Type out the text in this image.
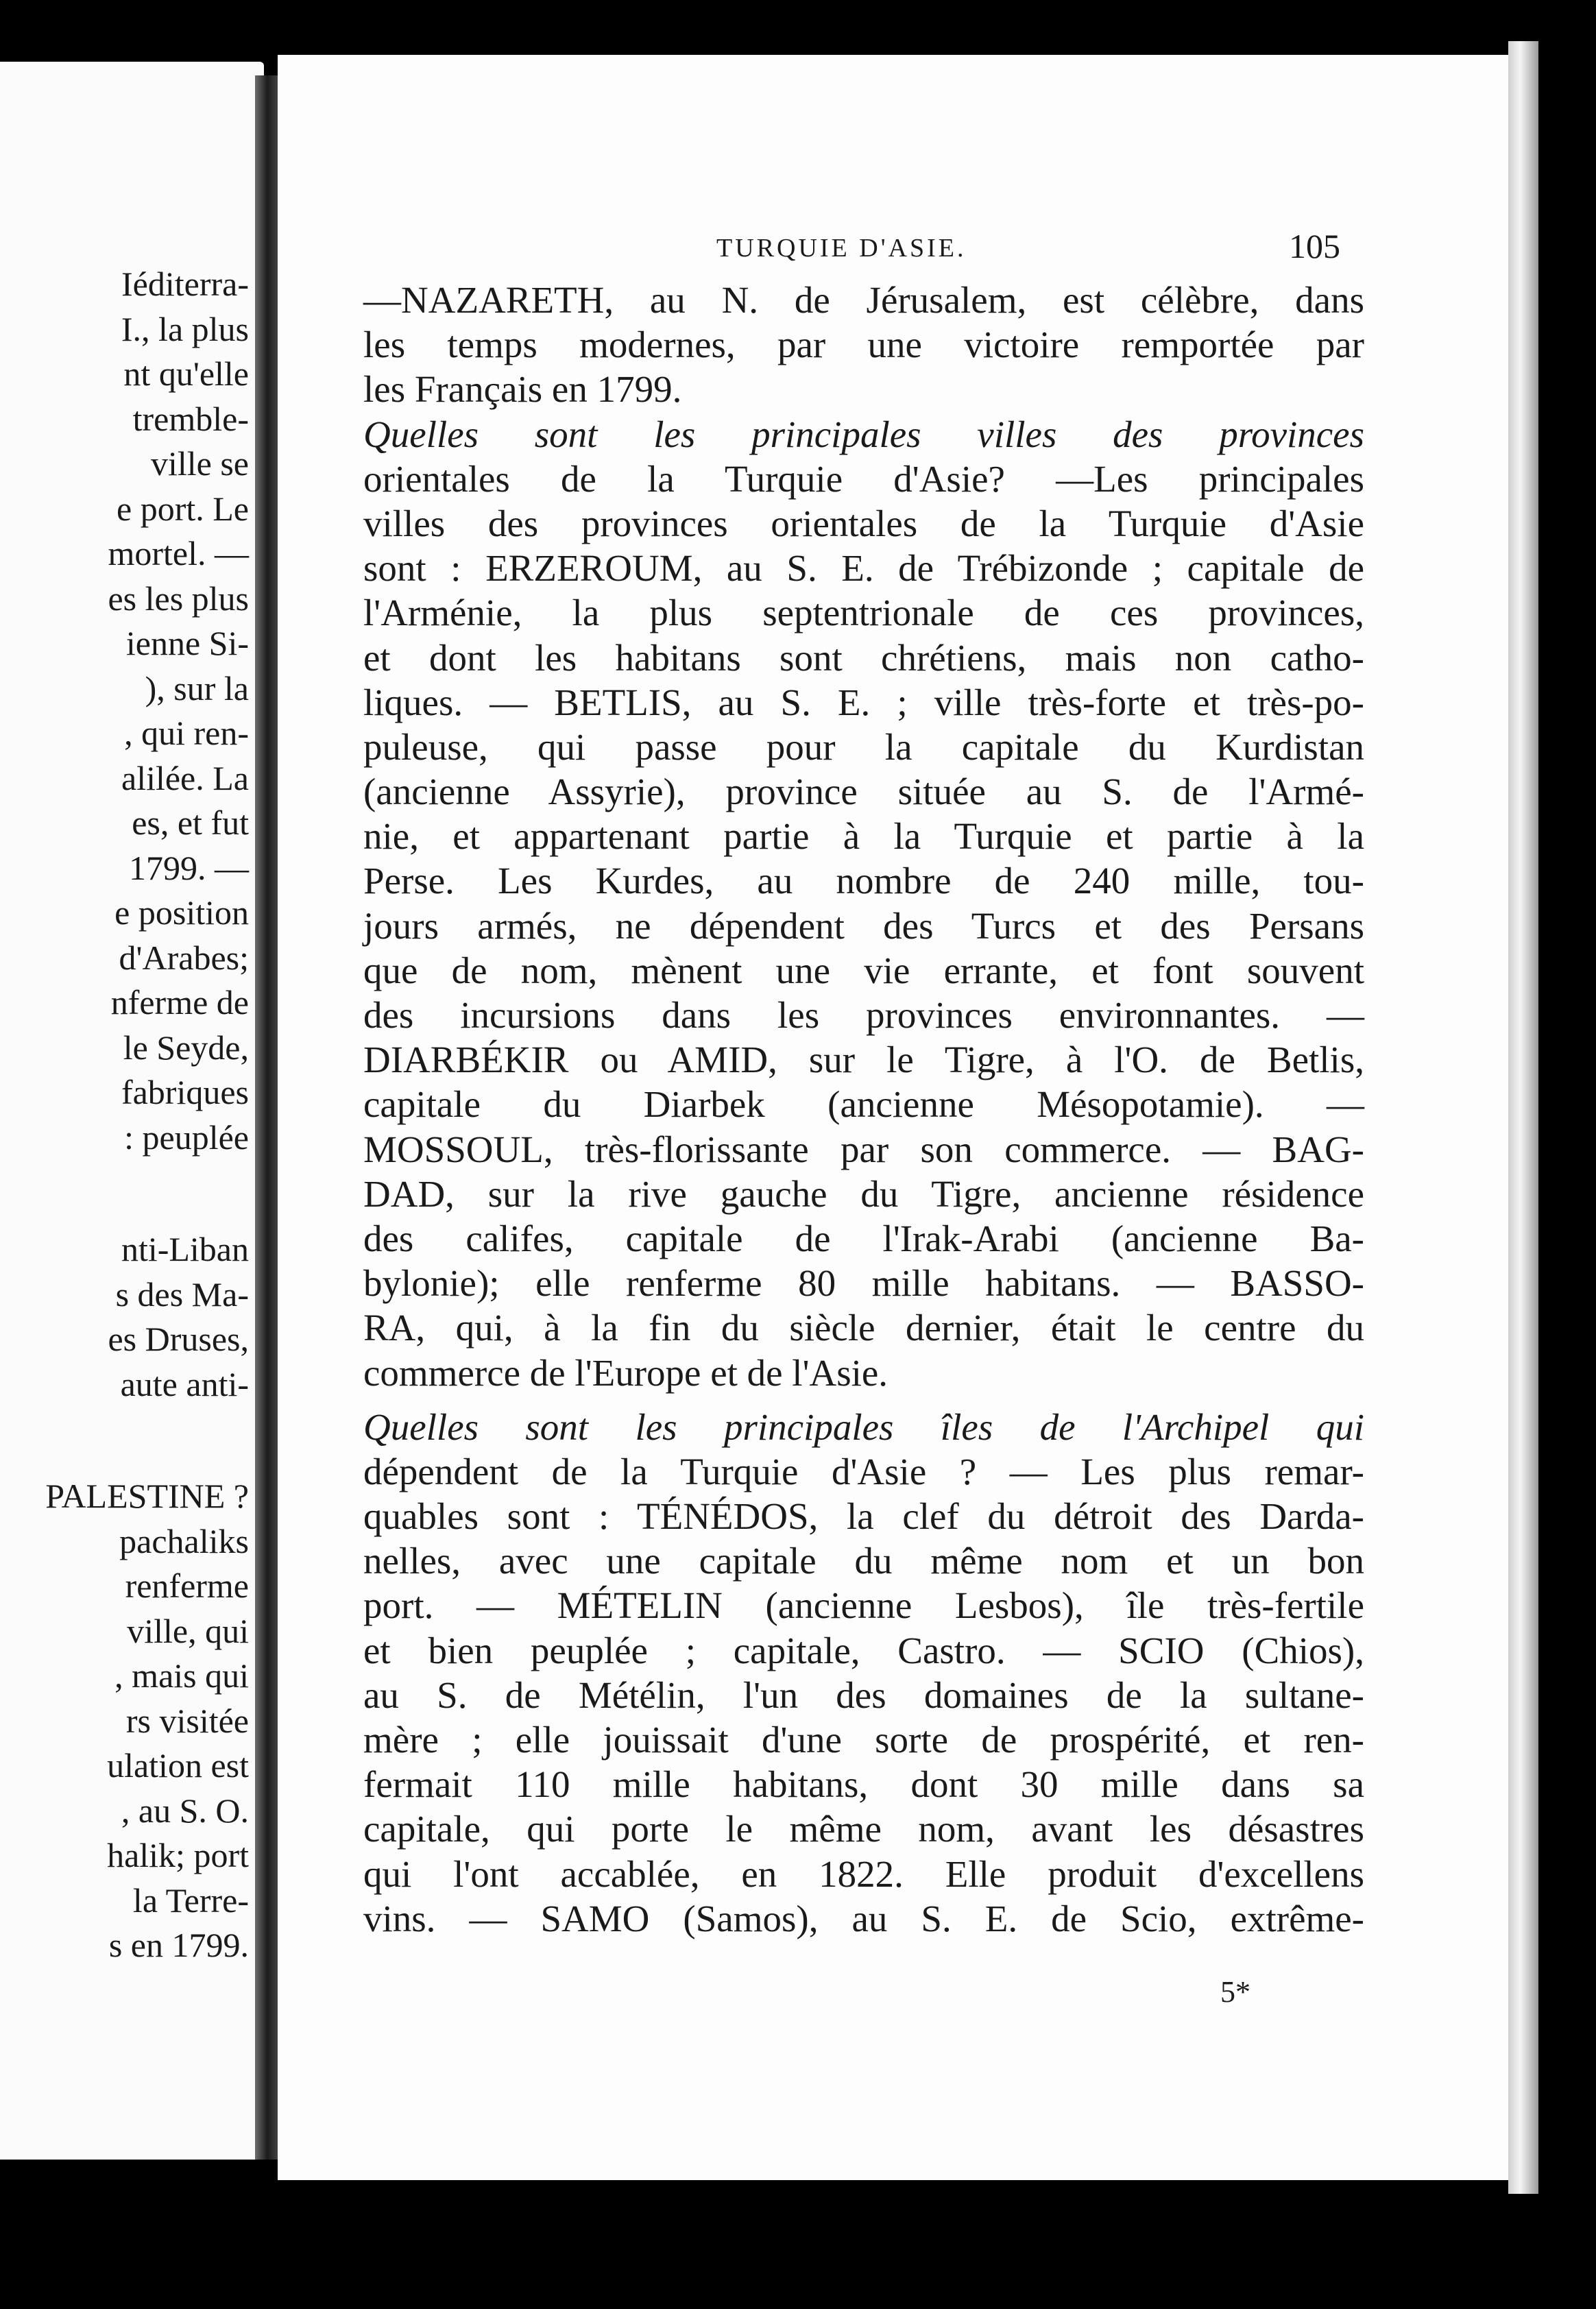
Iéditerra-
I., la plus
nt qu'elle
tremble-
ville se
e port. Le
mortel. —
es les plus
ienne Si-
), sur la
, qui ren-
alilée. La
es, et fut
1799. —
e position
d'Arabes;
nferme de
le Seyde,
fabriques
: peuplée
nti-Liban
s des Ma-
es Druses,
aute anti-
PALESTINE ?
pachaliks
renferme
ville, qui
, mais qui
rs visitée
ulation est
, au S. O.
halik; port
la Terre-
s en 1799.
TURQUIE D'ASIE.	105
—NAZARETH, au N. de Jérusalem, est célèbre, dans
les temps modernes, par une victoire remportée par
les Français en 1799.
Quelles sont les principales villes des provinces
orientales de la Turquie d'Asie? —Les principales
villes des provinces orientales de la Turquie d'Asie
sont : ERZEROUM, au S. E. de Trébizonde ; capitale de
l'Arménie, la plus septentrionale de ces provinces,
et dont les habitans sont chrétiens, mais non catho-
liques. — BETLIS, au S. E. ; ville très-forte et très-po-
puleuse, qui passe pour la capitale du Kurdistan
(ancienne Assyrie), province située au S. de l'Armé-
nie, et appartenant partie à la Turquie et partie à la
Perse. Les Kurdes, au nombre de 240 mille, tou-
jours armés, ne dépendent des Turcs et des Persans
que de nom, mènent une vie errante, et font souvent
des incursions dans les provinces environnantes. —
DIARBÉKIR ou AMID, sur le Tigre, à l'O. de Betlis,
capitale du Diarbek (ancienne Mésopotamie). —
MOSSOUL, très-florissante par son commerce. — BAG-
DAD, sur la rive gauche du Tigre, ancienne résidence
des califes, capitale de l'Irak-Arabi (ancienne Ba-
bylonie); elle renferme 80 mille habitans. — BASSO-
RA, qui, à la fin du siècle dernier, était le centre du
commerce de l'Europe et de l'Asie.
Quelles sont les principales îles de l'Archipel qui
dépendent de la Turquie d'Asie ? — Les plus remar-
quables sont : TÉNÉDOS, la clef du détroit des Darda-
nelles, avec une capitale du même nom et un bon
port. — MÉTELIN (ancienne Lesbos), île très-fertile
et bien peuplée ; capitale, Castro. — SCIO (Chios),
au S. de Métélin, l'un des domaines de la sultane-
mère ; elle jouissait d'une sorte de prospérité, et ren-
fermait 110 mille habitans, dont 30 mille dans sa
capitale, qui porte le même nom, avant les désastres
qui l'ont accablée, en 1822. Elle produit d'excellens
vins. — SAMO (Samos), au S. E. de Scio, extrême-
5*
